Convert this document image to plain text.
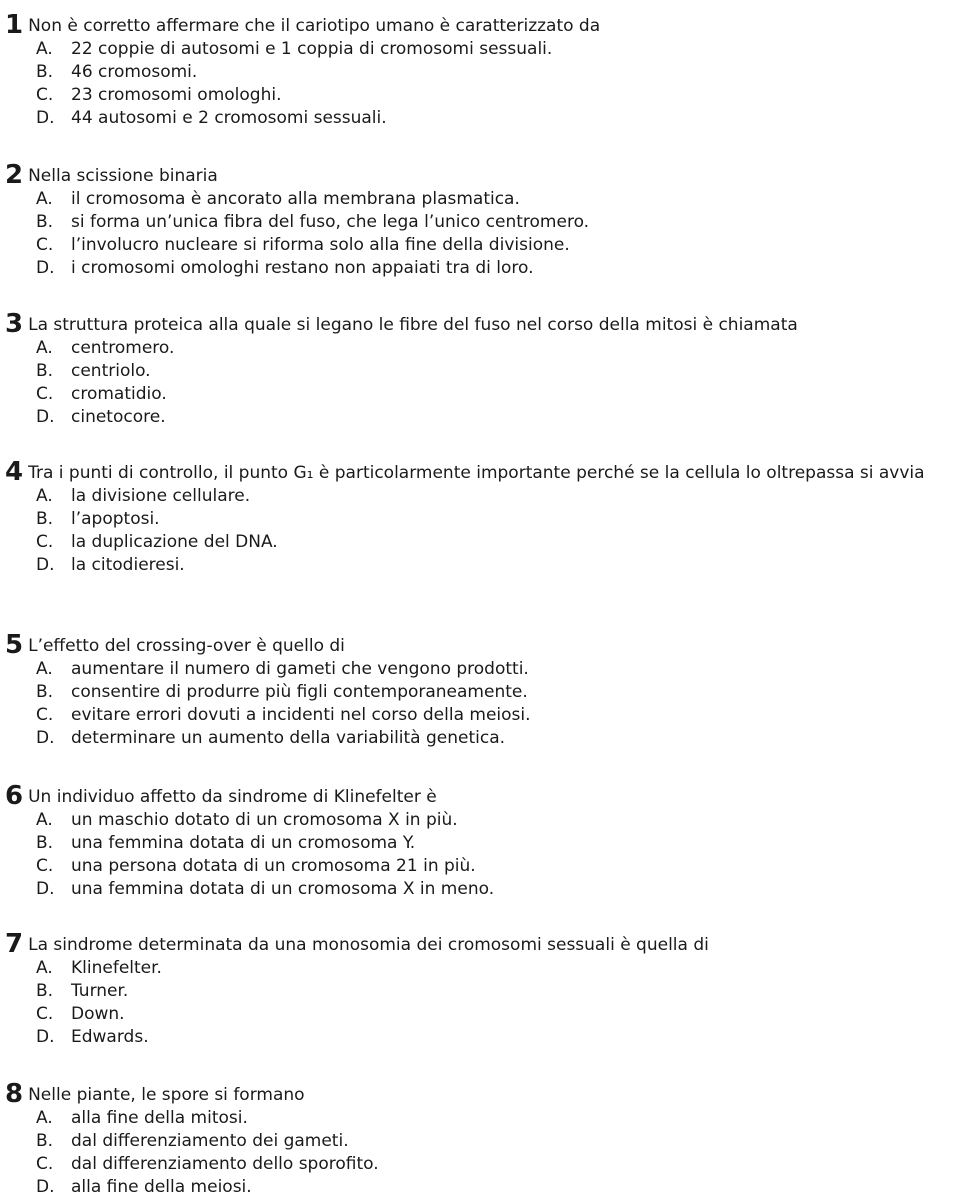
1 Non è corretto affermare che il cariotipo umano è caratterizzato da
A. 22 coppie di autosomi e 1 coppia di cromosomi sessuali.
B. 46 cromosomi.
C. 23 cromosomi omologhi.
D. 44 autosomi e 2 cromosomi sessuali.
2 Nella scissione binaria
A. il cromosoma è ancorato alla membrana plasmatica.
B. si forma un’unica fibra del fuso, che lega l’unico centromero.
C. l’involucro nucleare si riforma solo alla fine della divisione.
D. i cromosomi omologhi restano non appaiati tra di loro.
3 La struttura proteica alla quale si legano le fibre del fuso nel corso della mitosi è chiamata
A. centromero.
B. centriolo.
C. cromatidio.
D. cinetocore.
4 Tra i punti di controllo, il punto G₁ è particolarmente importante perché se la cellula lo oltrepassa si avvia
A. la divisione cellulare.
B. l’apoptosi.
C. la duplicazione del DNA.
D. la citodieresi.
5 L’effetto del crossing-over è quello di
A. aumentare il numero di gameti che vengono prodotti.
B. consentire di produrre più figli contemporaneamente.
C. evitare errori dovuti a incidenti nel corso della meiosi.
D. determinare un aumento della variabilità genetica.
6 Un individuo affetto da sindrome di Klinefelter è
A. un maschio dotato di un cromosoma X in più.
B. una femmina dotata di un cromosoma Y.
C. una persona dotata di un cromosoma 21 in più.
D. una femmina dotata di un cromosoma X in meno.
7 La sindrome determinata da una monosomia dei cromosomi sessuali è quella di
A. Klinefelter.
B. Turner.
C. Down.
D. Edwards.
8 Nelle piante, le spore si formano
A. alla fine della mitosi.
B. dal differenziamento dei gameti.
C. dal differenziamento dello sporofito.
D. alla fine della meiosi.
